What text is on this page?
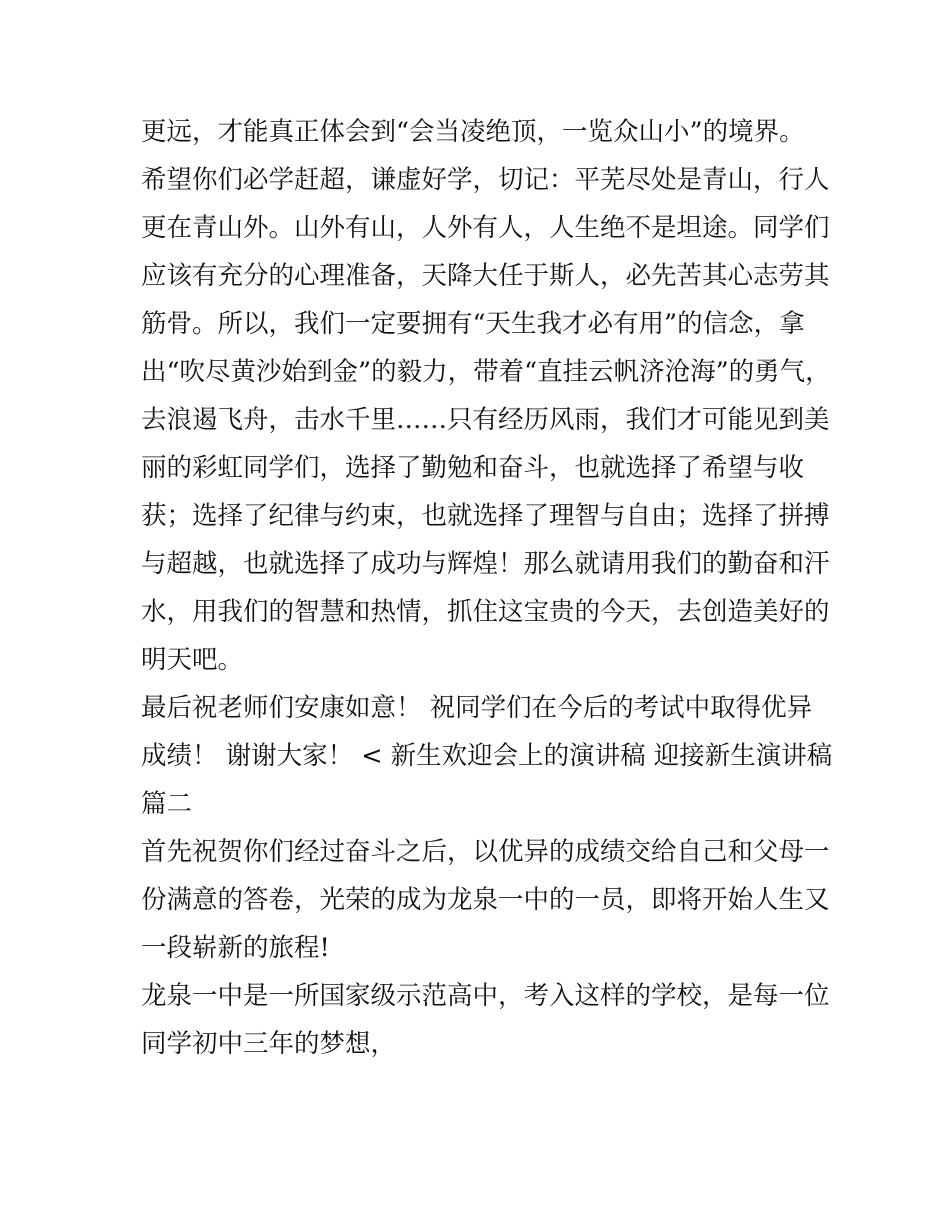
更远，才能真正体会到“会当凌绝顶，一览众山小”的境界。
希望你们必学赶超，谦虚好学，切记：平芜尽处是青山，行人
更在青山外。山外有山，人外有人，人生绝不是坦途。同学们
应该有充分的心理准备，天降大任于斯人，必先苦其心志劳其
筋骨。所以，我们一定要拥有“天生我才必有用”的信念，拿
出“吹尽黄沙始到金”的毅力，带着“直挂云帆济沧海”的勇气，
去浪遏飞舟，击水千里……只有经历风雨，我们才可能见到美
丽的彩虹同学们，选择了勤勉和奋斗，也就选择了希望与收
获；选择了纪律与约束，也就选择了理智与自由；选择了拼搏
与超越，也就选择了成功与辉煌！那么就请用我们的勤奋和汗
水，用我们的智慧和热情，抓住这宝贵的今天，去创造美好的
明天吧。
最后祝老师们安康如意！ 祝同学们在今后的考试中取得优异
成绩！ 谢谢大家！ < 新生欢迎会上的演讲稿 迎接新生演讲稿
篇二
首先祝贺你们经过奋斗之后，以优异的成绩交给自己和父母一
份满意的答卷，光荣的成为龙泉一中的一员，即将开始人生又
一段崭新的旅程!
龙泉一中是一所国家级示范高中，考入这样的学校，是每一位
同学初中三年的梦想，
